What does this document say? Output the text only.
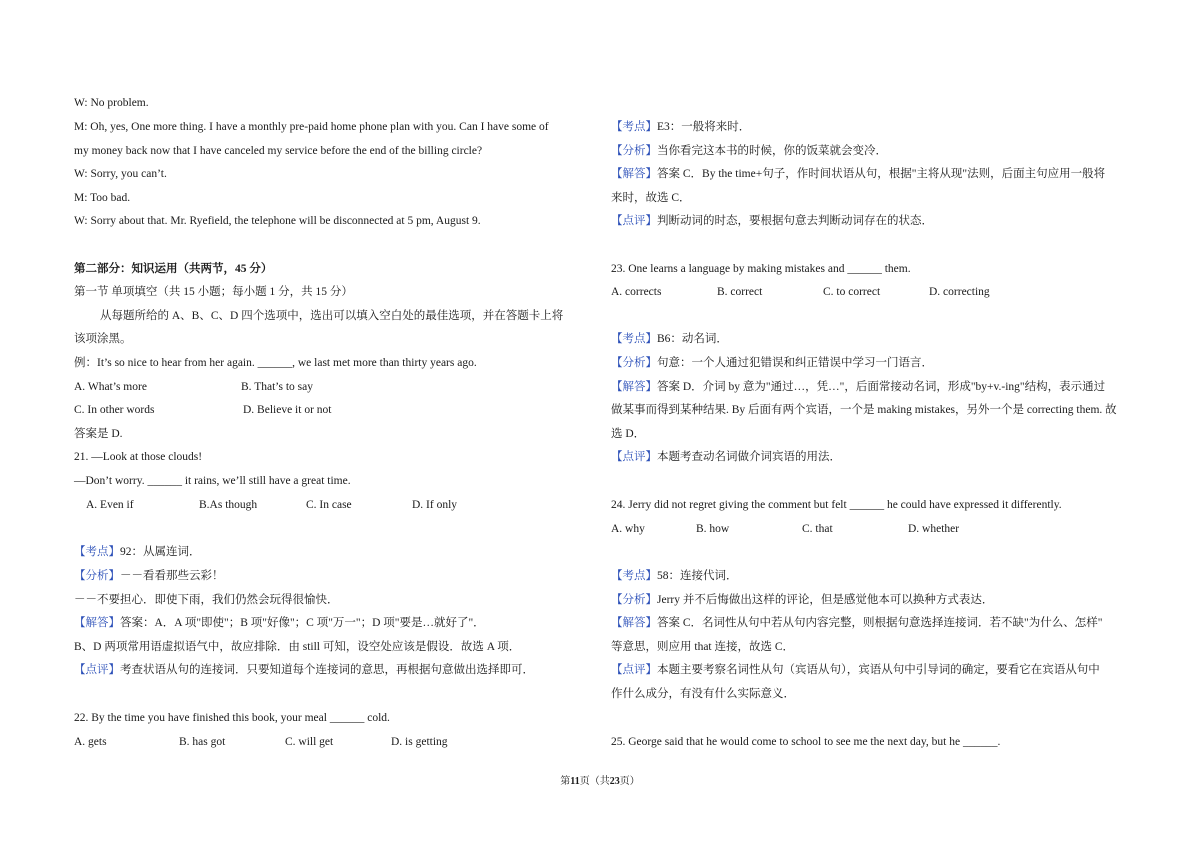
W: No problem.
M: Oh, yes, One more thing. I have a monthly pre-paid home phone plan with you. Can I have some of
my money back now that I have canceled my service before the end of the billing circle?
W: Sorry, you can’t.
M: Too bad.
W: Sorry about that. Mr. Ryefield, the telephone will be disconnected at 5 pm, August 9.
第二部分：知识运用（共两节，45 分）
第一节 单项填空（共 15 小题；每小题 1 分，共 15 分）
从每题所给的 A、B、C、D 四个选项中，选出可以填入空白处的最佳选项，并在答题卡上将
该项涂黑。
例：It’s so nice to hear from her again. ______, we last met more than thirty years ago.
A. What’s more	B. That’s to say
C. In other words	D. Believe it or not
答案是 D.
21. —Look at those clouds!
—Don’t worry. ______ it rains, we’ll still have a great time.
A. Even if	B.As though	C. In case	D. If only
【考点】92：从属连词．
【分析】－－看看那些云彩！
－－不要担心．即使下雨，我们仍然会玩得很愉快．
【解答】答案：A．A 项"即使"；B 项"好像"；C 项"万一"；D 项"要是…就好了"．
B、D 两项常用语虚拟语气中，故应排除．由 still 可知，设空处应该是假设．故选 A 项．
【点评】考查状语从句的连接词．只要知道每个连接词的意思，再根据句意做出选择即可．
22. By the time you have finished this book, your meal ______ cold.
A. gets	B. has got	C. will get	D. is getting
【考点】E3：一般将来时．
【分析】当你看完这本书的时候，你的饭菜就会变冷．
【解答】答案 C．By the time+句子，作时间状语从句，根据"主将从现"法则，后面主句应用一般将
来时，故选 C．
【点评】判断动词的时态，要根据句意去判断动词存在的状态．
23. One learns a language by making mistakes and ______ them.
A. corrects	B. correct	C. to correct	D. correcting
【考点】B6：动名词．
【分析】句意：一个人通过犯错误和纠正错误中学习一门语言．
【解答】答案 D．介词 by 意为"通过…，凭…"，后面常接动名词，形成"by+v.-ing"结构，表示通过
做某事而得到某种结果. By 后面有两个宾语，一个是 making mistakes，另外一个是 correcting them. 故
选 D．
【点评】本题考查动名词做介词宾语的用法．
24. Jerry did not regret giving the comment but felt ______ he could have expressed it differently.
A. why	B. how	C. that	D. whether
【考点】58：连接代词．
【分析】Jerry 并不后悔做出这样的评论，但是感觉他本可以换种方式表达．
【解答】答案 C．名词性从句中若从句内容完整，则根据句意选择连接词．若不缺"为什么、怎样"
等意思，则应用 that 连接，故选 C．
【点评】本题主要考察名词性从句（宾语从句），宾语从句中引导词的确定，要看它在宾语从句中
作什么成分，有没有什么实际意义．
25. George said that he would come to school to see me the next day, but he ______.
第11页（共23页）
